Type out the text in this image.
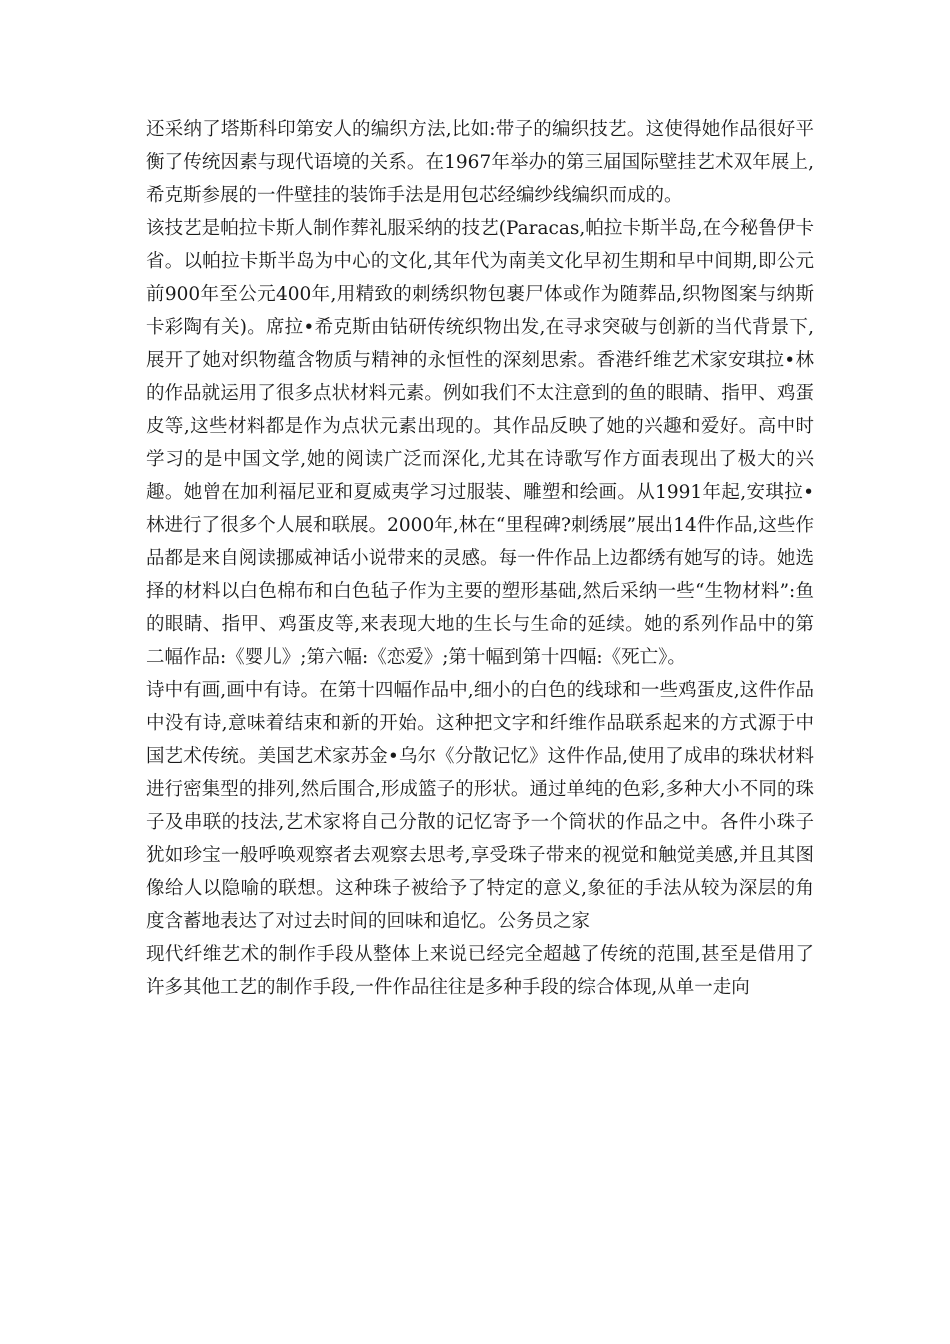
还采纳了塔斯科印第安人的编织方法,比如:带子的编织技艺。这使得她作品很好平衡了传统因素与现代语境的关系。在1967年举办的第三届国际壁挂艺术双年展上,希克斯参展的一件壁挂的装饰手法是用包芯经编纱线编织而成的。

该技艺是帕拉卡斯人制作葬礼服采纳的技艺(Paracas,帕拉卡斯半岛,在今秘鲁伊卡省。以帕拉卡斯半岛为中心的文化,其年代为南美文化早初生期和早中间期,即公元前900年至公元400年,用精致的刺绣织物包裹尸体或作为随葬品,织物图案与纳斯卡彩陶有关)。席拉•希克斯由钻研传统织物出发,在寻求突破与创新的当代背景下,展开了她对织物蕴含物质与精神的永恒性的深刻思索。香港纤维艺术家安琪拉•林的作品就运用了很多点状材料元素。例如我们不太注意到的鱼的眼睛、指甲、鸡蛋皮等,这些材料都是作为点状元素出现的。其作品反映了她的兴趣和爱好。高中时学习的是中国文学,她的阅读广泛而深化,尤其在诗歌写作方面表现出了极大的兴趣。她曾在加利福尼亚和夏威夷学习过服装、雕塑和绘画。从1991年起,安琪拉•林进行了很多个人展和联展。2000年,林在“里程碑?刺绣展”展出14件作品,这些作品都是来自阅读挪威神话小说带来的灵感。每一件作品上边都绣有她写的诗。她选择的材料以白色棉布和白色毡子作为主要的塑形基础,然后采纳一些“生物材料”:鱼的眼睛、指甲、鸡蛋皮等,来表现大地的生长与生命的延续。她的系列作品中的第二幅作品:《婴儿》;第六幅:《恋爱》;第十幅到第十四幅:《死亡》。

诗中有画,画中有诗。在第十四幅作品中,细小的白色的线球和一些鸡蛋皮,这件作品中没有诗,意味着结束和新的开始。这种把文字和纤维作品联系起来的方式源于中国艺术传统。美国艺术家苏金•乌尔《分散记忆》这件作品,使用了成串的珠状材料进行密集型的排列,然后围合,形成篮子的形状。通过单纯的色彩,多种大小不同的珠子及串联的技法,艺术家将自己分散的记忆寄予一个筒状的作品之中。各件小珠子犹如珍宝一般呼唤观察者去观察去思考,享受珠子带来的视觉和触觉美感,并且其图像给人以隐喻的联想。这种珠子被给予了特定的意义,象征的手法从较为深层的角度含蓄地表达了对过去时间的回味和追忆。公务员之家

现代纤维艺术的制作手段从整体上来说已经完全超越了传统的范围,甚至是借用了许多其他工艺的制作手段,一件作品往往是多种手段的综合体现,从单一走向
